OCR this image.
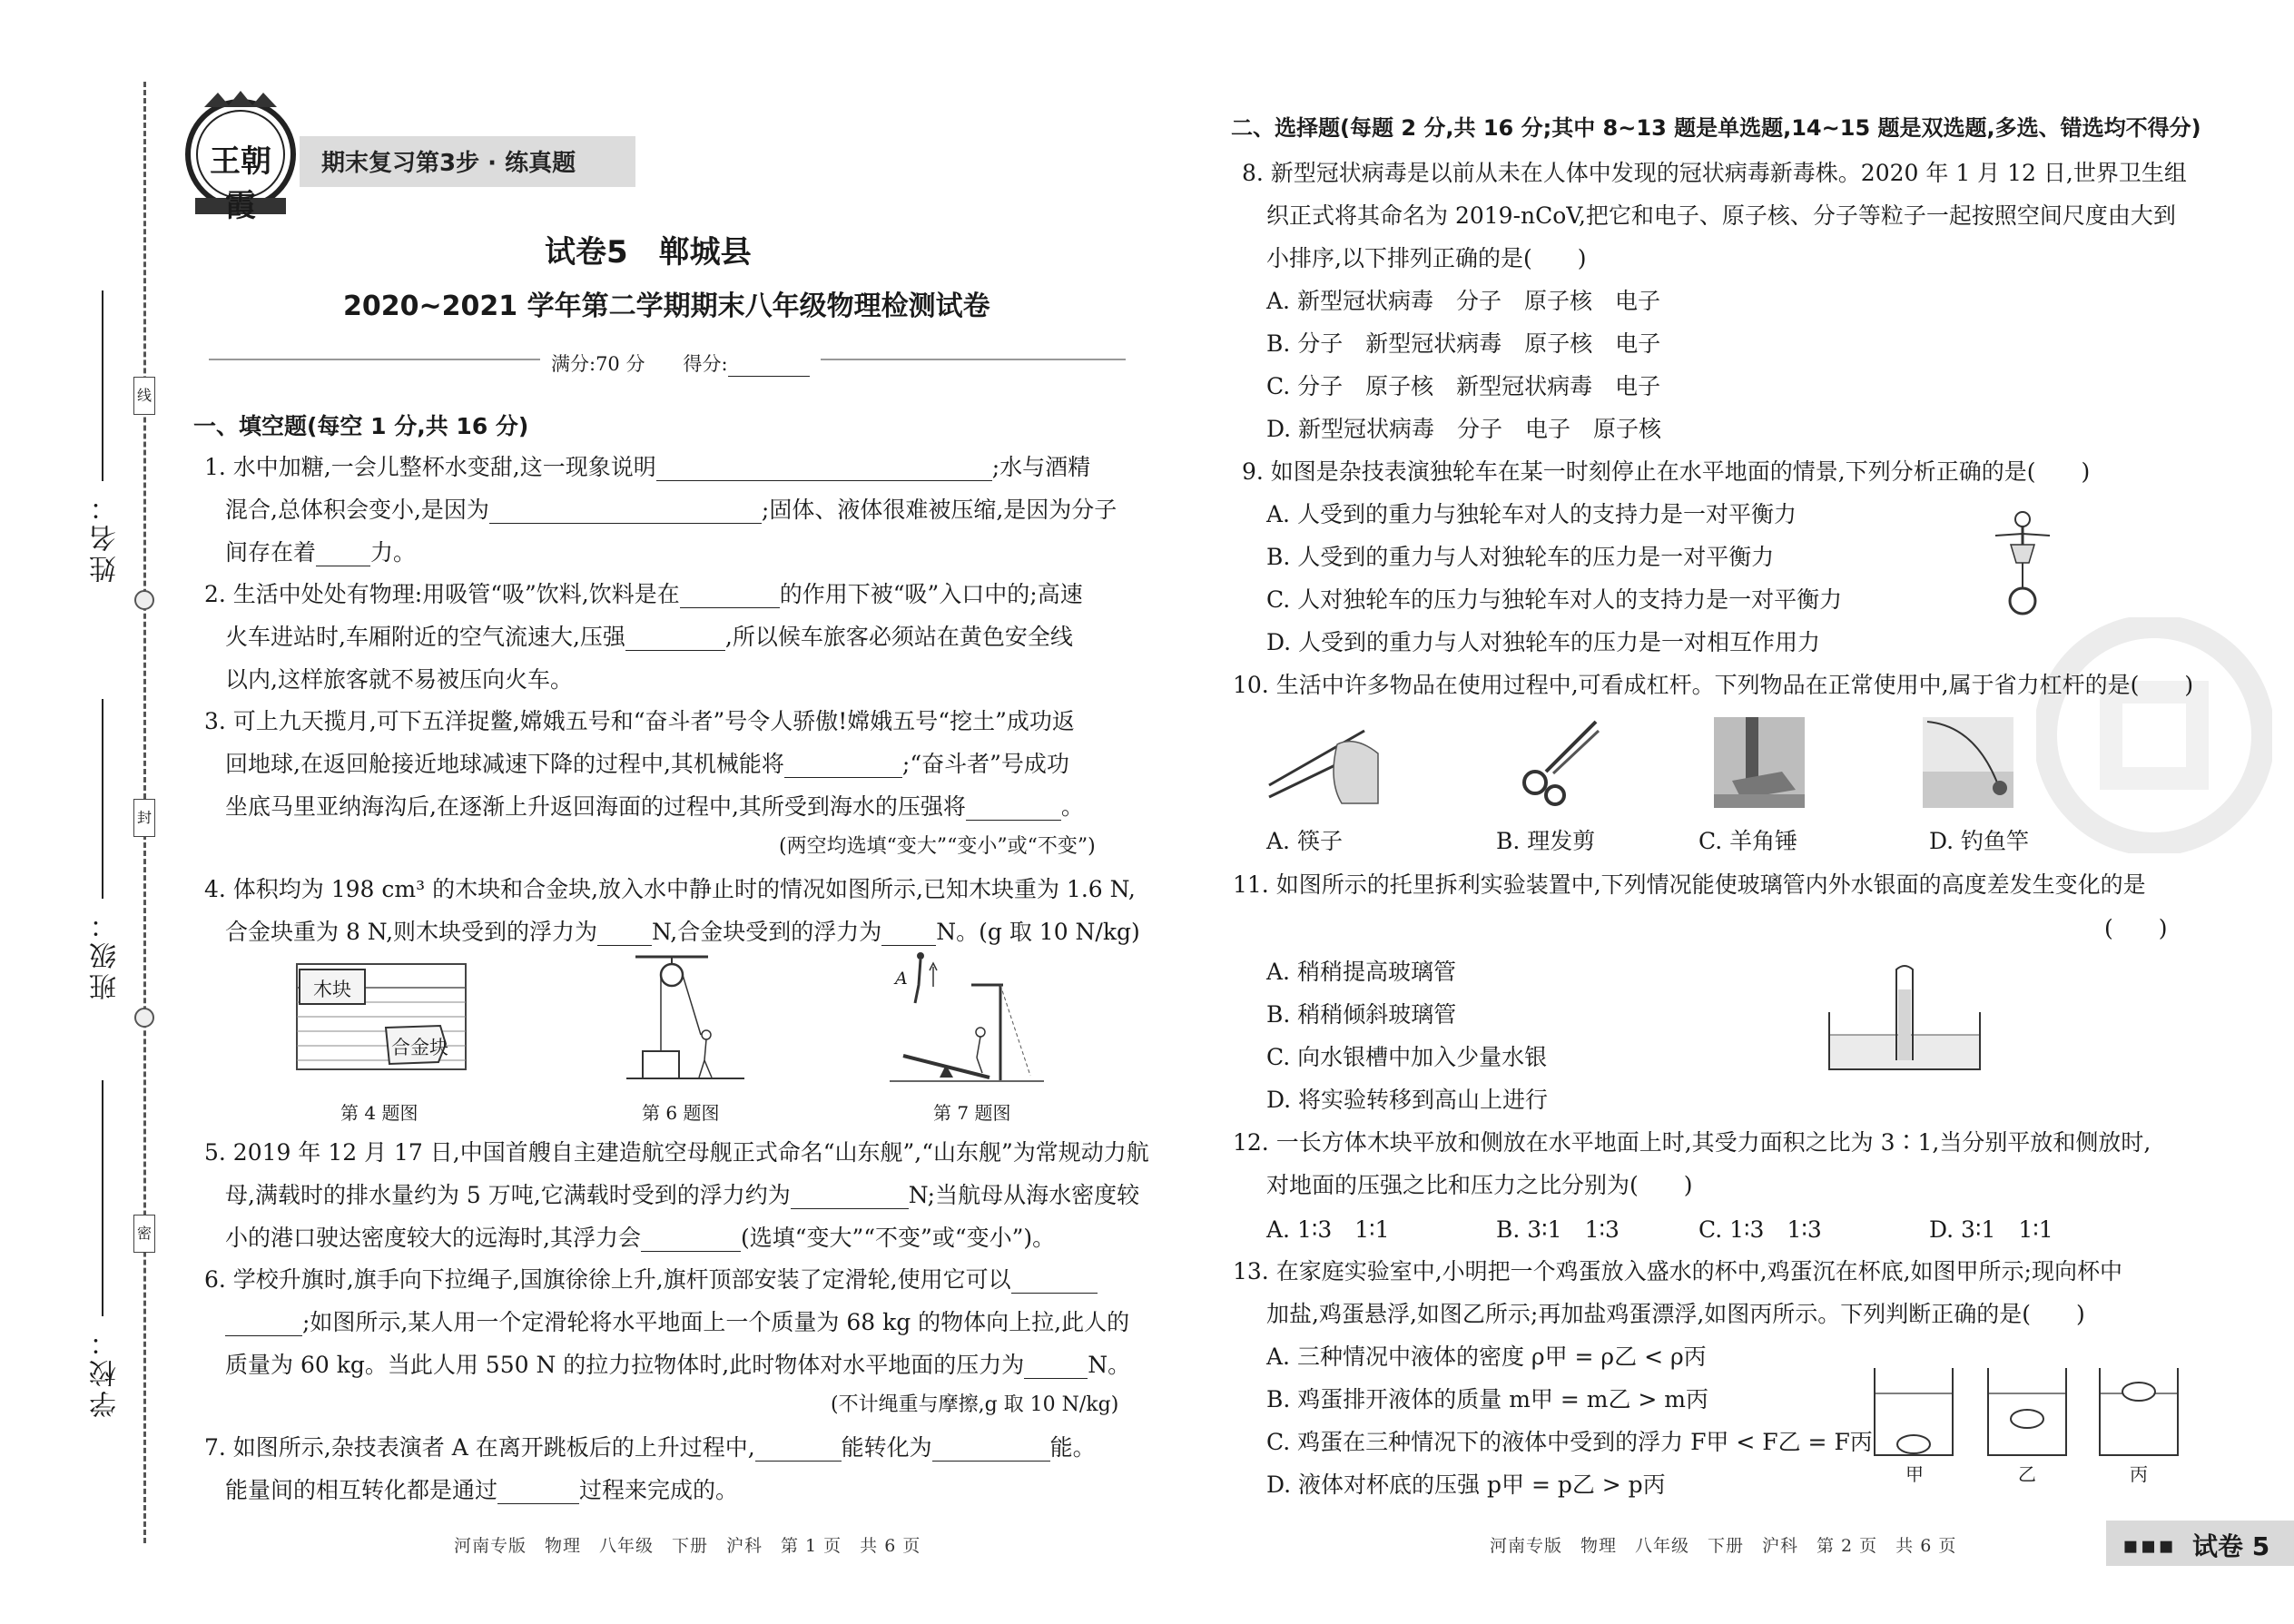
线
封
密
姓名：
班级：
学校：
王朝霞
期末复习第3步 · 练真题
试卷5　郸城县
2020~2021 学年第二学期期末八年级物理检测试卷
满分:70 分　　得分:
一、填空题(每空 1 分,共 16 分)
1. 水中加糖,一会儿整杯水变甜,这一现象说明	;水与酒精
混合,总体积会变小,是因为	;固体、液体很难被压缩,是因为分子
间存在着 力。
2. 生活中处处有物理:用吸管“吸”饮料,饮料是在	的作用下被“吸”入口中的;高速
火车进站时,车厢附近的空气流速大,压强	,所以候车旅客必须站在黄色安全线
以内,这样旅客就不易被压向火车。
3. 可上九天揽月,可下五洋捉鳖,嫦娥五号和“奋斗者”号令人骄傲!嫦娥五号“挖土”成功返
回地球,在返回舱接近地球减速下降的过程中,其机械能将	;“奋斗者”号成功
坐底马里亚纳海沟后,在逐渐上升返回海面的过程中,其所受到海水的压强将	。
(两空均选填“变大”“变小”或“不变”)
4. 体积均为 198 cm³ 的木块和合金块,放入水中静止时的情况如图所示,已知木块重为 1.6 N,
合金块重为 8 N,则木块受到的浮力为 N,合金块受到的浮力为 N。(g 取 10 N/kg)
木块
合金块
第 4 题图	第 6 题图
A
第 7 题图
5. 2019 年 12 月 17 日,中国首艘自主建造航空母舰正式命名“山东舰”,“山东舰”为常规动力航
母,满载时的排水量约为 5 万吨,它满载时受到的浮力约为	N;当航母从海水密度较
小的港口驶达密度较大的远海时,其浮力会	(选填“变大”“不变”或“变小”)。
6. 学校升旗时,旗手向下拉绳子,国旗徐徐上升,旗杆顶部安装了定滑轮,使用它可以
;如图所示,某人用一个定滑轮将水平地面上一个质量为 68 kg 的物体向上拉,此人的
质量为 60 kg。当此人用 550 N 的拉力拉物体时,此时物体对水平地面的压力为	N。
(不计绳重与摩擦,g 取 10 N/kg)
7. 如图所示,杂技表演者 A 在离开跳板后的上升过程中,	能转化为	能。
能量间的相互转化都是通过	过程来完成的。
河南专版　物理　八年级　下册　沪科　第 1 页　共 6 页
二、选择题(每题 2 分,共 16 分;其中 8~13 题是单选题,14~15 题是双选题,多选、错选均不得分)
8. 新型冠状病毒是以前从未在人体中发现的冠状病毒新毒株。2020 年 1 月 12 日,世界卫生组
织正式将其命名为 2019-nCoV,把它和电子、原子核、分子等粒子一起按照空间尺度由大到
小排序,以下排列正确的是(　　)
A. 新型冠状病毒　分子　原子核　电子
B. 分子　新型冠状病毒　原子核　电子
C. 分子　原子核　新型冠状病毒　电子
D. 新型冠状病毒　分子　电子　原子核
9. 如图是杂技表演独轮车在某一时刻停止在水平地面的情景,下列分析正确的是(　　)
A. 人受到的重力与独轮车对人的支持力是一对平衡力
B. 人受到的重力与人对独轮车的压力是一对平衡力
C. 人对独轮车的压力与独轮车对人的支持力是一对平衡力
D. 人受到的重力与人对独轮车的压力是一对相互作用力
10. 生活中许多物品在使用过程中,可看成杠杆。下列物品在正常使用中,属于省力杠杆的是(　　)
A. 筷子	B. 理发剪	C. 羊角锤	D. 钓鱼竿
11. 如图所示的托里拆利实验装置中,下列情况能使玻璃管内外水银面的高度差发生变化的是
(　　)
A. 稍稍提高玻璃管
B. 稍稍倾斜玻璃管
C. 向水银槽中加入少量水银
D. 将实验转移到高山上进行
12. 一长方体木块平放和侧放在水平地面上时,其受力面积之比为 3∶1,当分别平放和侧放时,
对地面的压强之比和压力之比分别为(　　)
A. 1∶3　1∶1	B. 3∶1　1∶3	C. 1∶3　1∶3	D. 3∶1　1∶1
13. 在家庭实验室中,小明把一个鸡蛋放入盛水的杯中,鸡蛋沉在杯底,如图甲所示;现向杯中
加盐,鸡蛋悬浮,如图乙所示;再加盐鸡蛋漂浮,如图丙所示。下列判断正确的是(　　)
A. 三种情况中液体的密度 ρ甲 = ρ乙 < ρ丙
B. 鸡蛋排开液体的质量 m甲 = m乙 > m丙
C. 鸡蛋在三种情况下的液体中受到的浮力 F甲 < F乙 = F丙
D. 液体对杯底的压强 p甲 = p乙 > p丙	甲	乙	丙
河南专版　物理　八年级　下册　沪科　第 2 页　共 6 页	▪▪▪ 试卷 5
